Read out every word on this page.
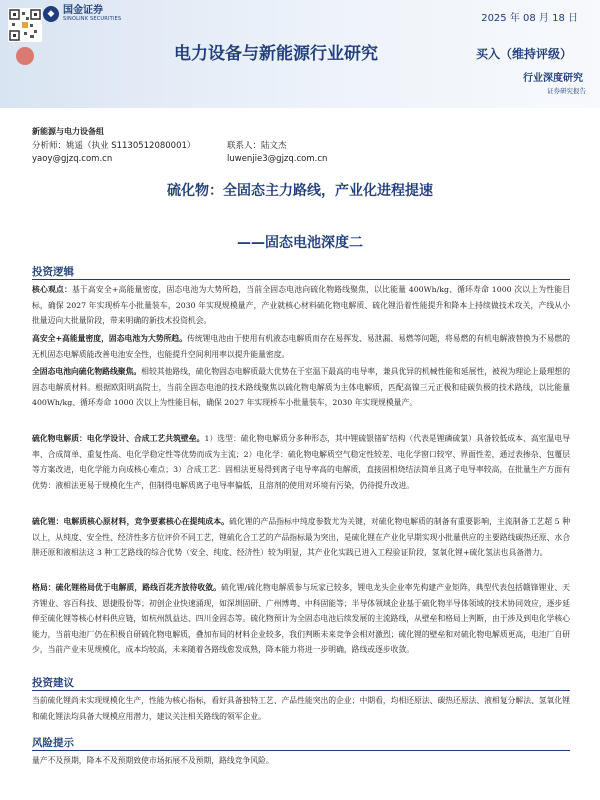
◆ 国金证券
SINOLINK SECURITIES	2025 年 08 月 18 日
电力设备与新能源行业研究	买入（维持评级）
行业深度研究
证券研究报告
新能源与电力设备组
分析师：姚遥（执业 S1130512080001）	联系人：陆文杰
yaoy@gjzq.com.cn	luwenjie3@gjzq.com.cn
硫化物：全固态主力路线，产业化进程提速
——固态电池深度二
投资逻辑
核心观点：基于高安全+高能量密度，固态电池为大势所趋，当前全固态电池向硫化物路线聚焦，以比能量 400Wh/kg、循环寿命 1000 次以上为性能目标，确保 2027 年实现桥车小批量装车，2030 年实现规模量产，产业就核心材料硫化物电解质、硫化锂沿着性能提升和降本上持续做技术攻关，产线从小批量迈向大批量阶段，带来明确的新技术投资机会。
高安全+高能量密度，固态电池为大势所趋。传统锂电池由于使用有机液态电解质而存在易挥发、易泄漏、易燃等问题，将易燃的有机电解液替换为不易燃的无机固态电解质能改善电池安全性，也能提升空间利用率以提升能量密度。
全固态电池向硫化物路线聚焦。相较其他路线，硫化物固态电解质最大优势在于室温下最高的电导率，兼具优异的机械性能和延展性，被视为理论上最理想的固态电解质材料。根据欧阳明高院士，当前全固态电池的技术路线聚焦以硫化物电解质为主体电解质，匹配高镍三元正极和硅碳负极的技术路线，以比能量 400Wh/kg、循环寿命 1000 次以上为性能目标，确保 2027 年实现桥车小批量装车，2030 年实现规模量产。
硫化物电解质：电化学设计、合成工艺共筑壁垒。1）选型：硫化物电解质分多种形态，其中锂硫银锗矿结构（代表是锂磷硫氯）具备较低成本、高室温电导率、合成简单、重复性高、电化学稳定性等优势而成为主流；2）电化学：硫化物电解质空气稳定性较差、电化学窗口较窄、界面性差，通过表掺杂、包覆层等方案改进，电化学能力向成核心难点；3）合成工艺：固相法更易得到离子电导率高的电解质，直接固相烧结法简单且离子电导率较高，在批量生产方面有优势：液相法更易于规模化生产，但制得电解质离子电导率偏低，且溶剂的使用对环境有污染，仍待提升改进。
硫化锂：电解质核心原材料，竞争要素核心在提纯成本。硫化锂的产品指标中纯度参数尤为关键，对硫化物电解质的制备有重要影响，主流制备工艺超 5 种以上，从纯度、安全性、经济性多方位评价不同工艺，锂硫化合工艺的产品指标最为突出，是硫化锂在产业化早期实现小批量供应的主要路线碳热还原、水合肼还原和液相法这 3 种工艺路线的综合优势（安全、纯度、经济性）较为明显，其产业化实践已进入工程验证阶段，氢氧化锂+硫化氢法也具备潜力。
格局：硫化锂格局优于电解质，路线百花齐放待收敛。硫化锂/硫化物电解质参与玩家已较多，锂电龙头企业率先构建产业矩阵，典型代表包括赣锋锂业、天齐锂业、容百科技、恩捷股份等；初创企业快速涌现，如深圳固研、广州博粤、中科固能等；半导体领域企业基于硫化物半导体领域的技术协同效应，逐步延伸至硫化锂等核心材料供应链，如杭州凯益达、四川金固态等。硫化物预计为全固态电池后续发展的主流路线，从壁垒和格局上判断，由于涉及到电化学核心能力，当前电池厂仍在积极自研硫化物电解质，叠加布局的材料企业较多，我们判断未来竞争会相对激烈；硫化锂的壁垒和对硫化物电解质更高，电池厂自研少，当前产业未见规模化，成本均较高，未来随着各路线愈发成熟，降本能力将进一步明确，路线或逐步收敛。
投资建议
当前硫化锂尚未实现规模化生产，性能为核心指标，看好具备独特工艺、产品性能突出的企业；中期看，均相还原法、碳热还原法、液相复分解法、氢氧化锂和硫化锂法均具备大规模应用潜力，建议关注相关路线的领军企业。
风险提示
量产不及预期，降本不及预期致使市场拓展不及预期，路线竞争风险。
